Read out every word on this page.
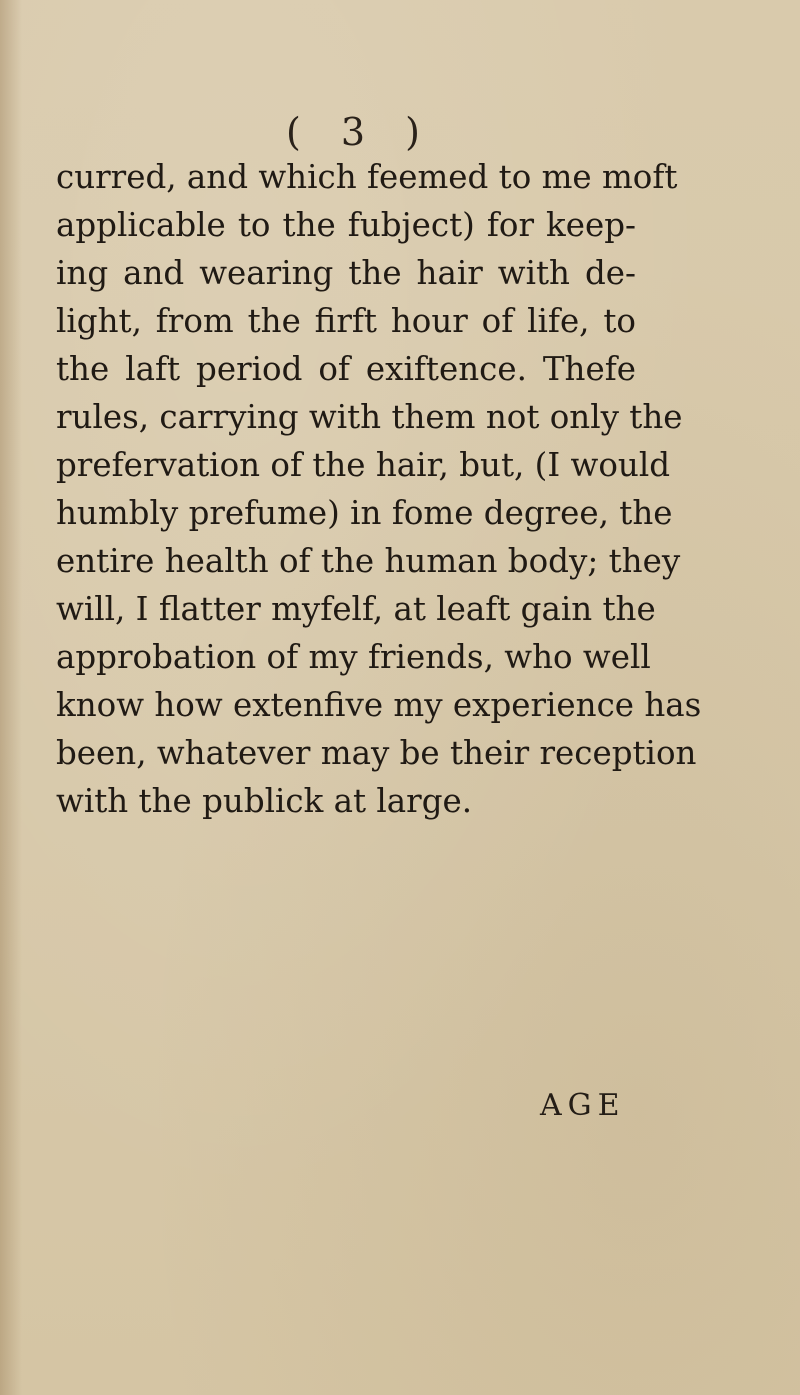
( 3 )
curred, and which feemed to me moft
applicable to the fubject) for keep-
ing and wearing the hair with de-
light, from the firft hour of life, to
the laft period of exiftence. Thefe
rules, carrying with them not only the
prefervation of the hair, but, (I would
humbly prefume) in fome degree, the
entire health of the human body; they
will, I flatter myfelf, at leaft gain the
approbation of my friends, who well
know how extenfive my experience has
been, whatever may be their reception
with the publick at large.
AGE
